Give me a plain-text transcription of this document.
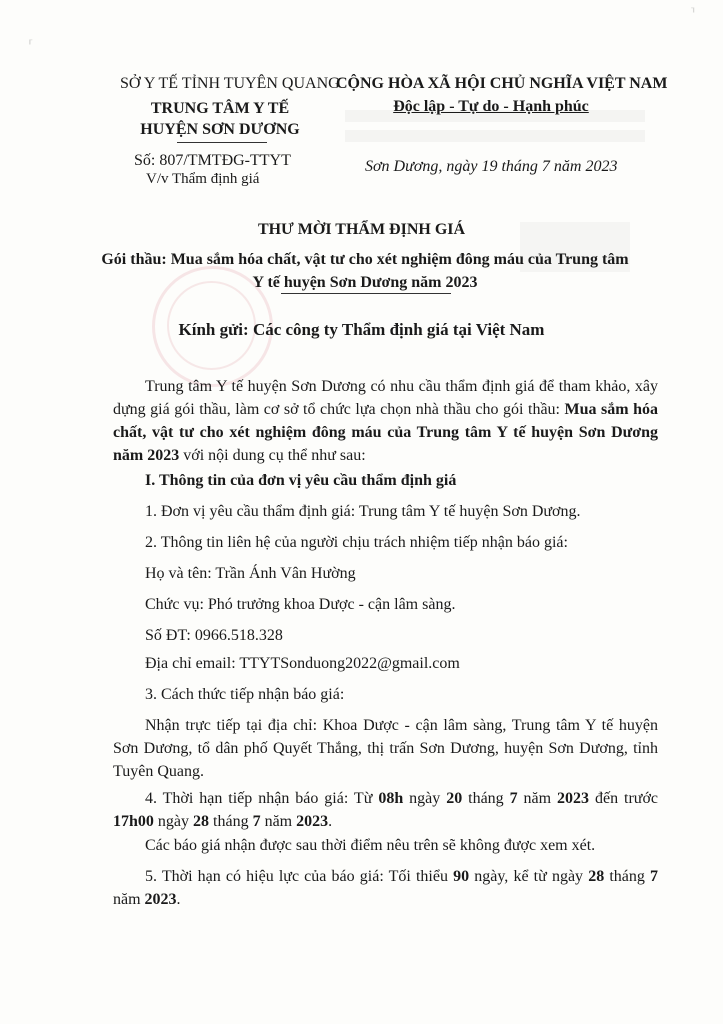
⸢
⸣
SỞ Y TẾ TỈNH TUYÊN QUANG
TRUNG TÂM Y TẾ
HUYỆN SƠN DƯƠNG
CỘNG HÒA XÃ HỘI CHỦ NGHĨA VIỆT NAM
Độc lập - Tự do - Hạnh phúc
Số: 807/TMTĐG-TTYT
V/v Thẩm định giá
Sơn Dương, ngày 19 tháng 7 năm 2023
THƯ MỜI THẨM ĐỊNH GIÁ
Gói thầu: Mua sắm hóa chất, vật tư cho xét nghiệm đông máu của Trung tâm Y tế huyện Sơn Dương năm 2023
Kính gửi: Các công ty Thẩm định giá tại Việt Nam
Trung tâm Y tế huyện Sơn Dương có nhu cầu thẩm định giá để tham khảo, xây dựng giá gói thầu, làm cơ sở tổ chức lựa chọn nhà thầu cho gói thầu: Mua sắm hóa chất, vật tư cho xét nghiệm đông máu của Trung tâm Y tế huyện Sơn Dương năm 2023 với nội dung cụ thể như sau:
I. Thông tin của đơn vị yêu cầu thẩm định giá
1. Đơn vị yêu cầu thẩm định giá: Trung tâm Y tế huyện Sơn Dương.
2. Thông tin liên hệ của người chịu trách nhiệm tiếp nhận báo giá:
Họ và tên: Trần Ánh Vân Hường
Chức vụ: Phó trưởng khoa Dược - cận lâm sàng.
Số ĐT: 0966.518.328
Địa chỉ email: TTYTSonduong2022@gmail.com
3. Cách thức tiếp nhận báo giá:
Nhận trực tiếp tại địa chỉ: Khoa Dược - cận lâm sàng, Trung tâm Y tế huyện Sơn Dương, tổ dân phố Quyết Thắng, thị trấn Sơn Dương, huyện Sơn Dương, tỉnh Tuyên Quang.
4. Thời hạn tiếp nhận báo giá: Từ 08h ngày 20 tháng 7 năm 2023 đến trước 17h00 ngày 28 tháng 7 năm 2023.
Các báo giá nhận được sau thời điểm nêu trên sẽ không được xem xét.
5. Thời hạn có hiệu lực của báo giá: Tối thiểu 90 ngày, kể từ ngày 28 tháng 7 năm 2023.
